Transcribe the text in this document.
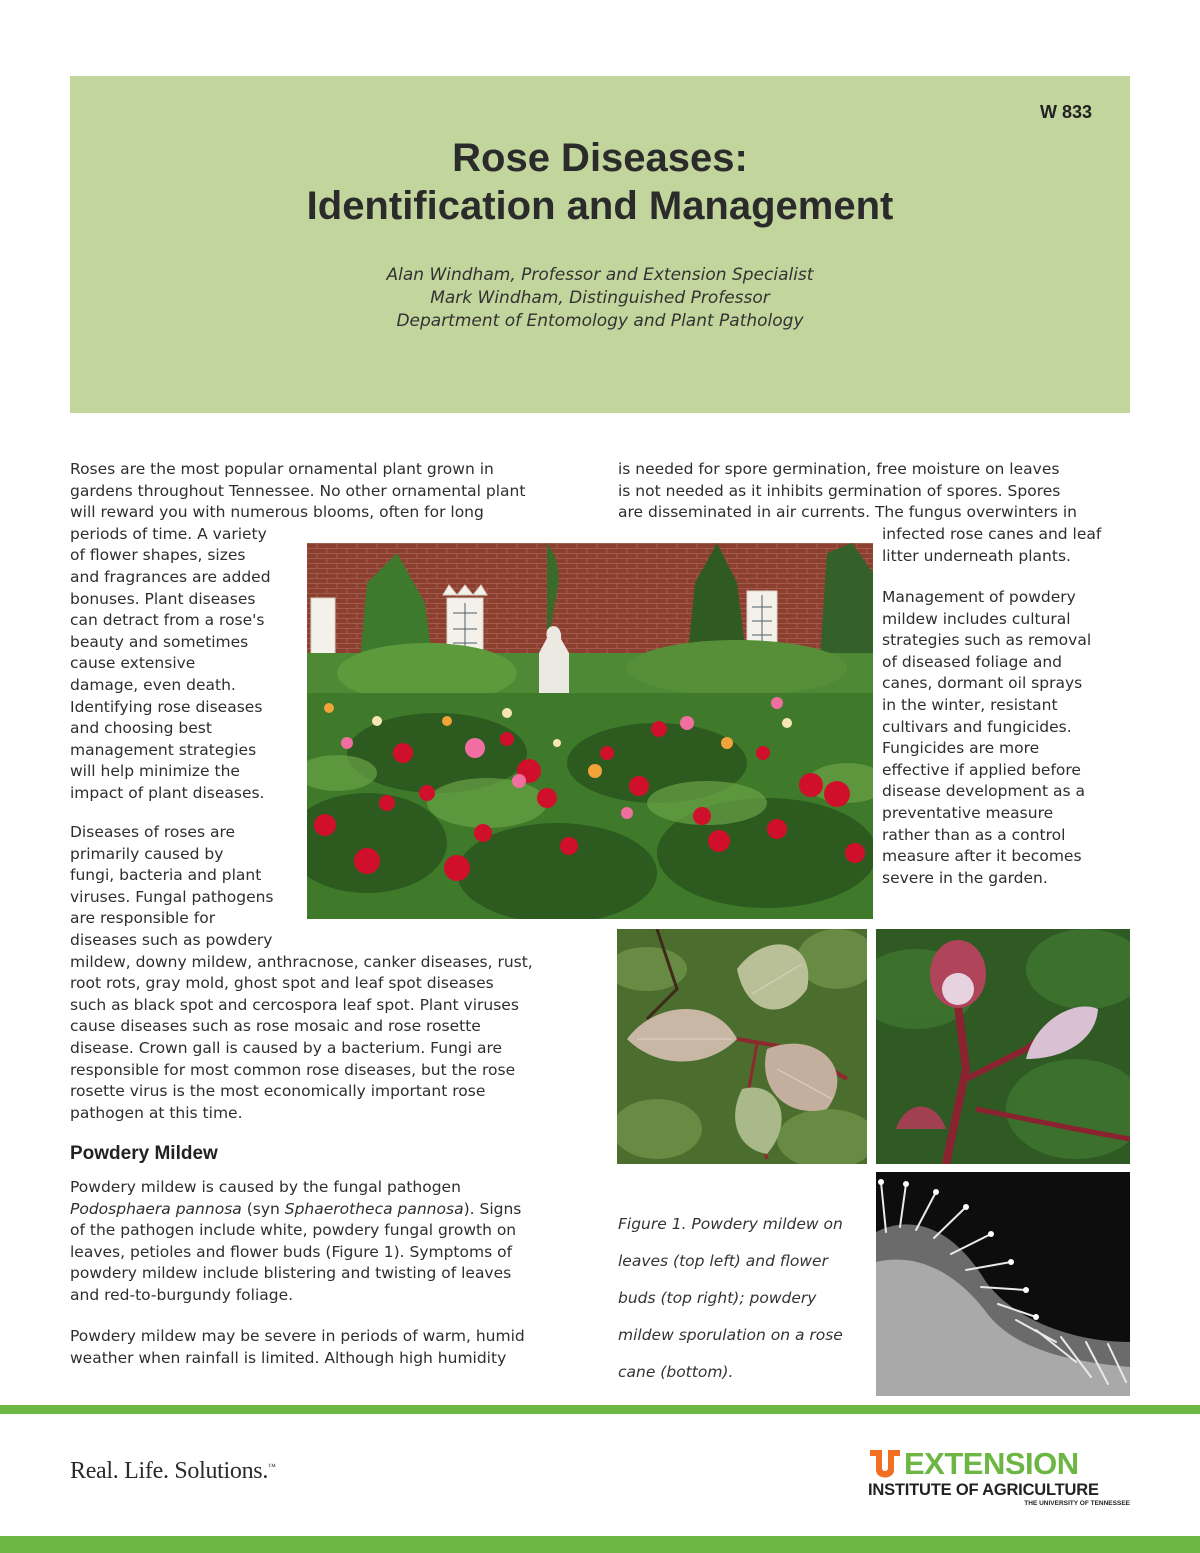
W 833
Rose Diseases:
Identification and Management
Alan Windham, Professor and Extension Specialist
Mark Windham, Distinguished Professor
Department of Entomology and Plant Pathology

Roses are the most popular ornamental plant grown in

gardens throughout Tennessee. No other ornamental plant

will reward you with numerous blooms, often for long

periods of time. A variety

of flower shapes, sizes

and fragrances are added

bonuses. Plant diseases

can detract from a rose's

beauty and sometimes

cause extensive

damage, even death.

Identifying rose diseases

and choosing best

management strategies

will help minimize the

impact of plant diseases.

Diseases of roses are

primarily caused by

fungi, bacteria and plant

viruses. Fungal pathogens

are responsible for

diseases such as powdery

mildew, downy mildew, anthracnose, canker diseases, rust,

root rots, gray mold, ghost spot and leaf spot diseases

such as black spot and cercospora leaf spot. Plant viruses

cause diseases such as rose mosaic and rose rosette

disease. Crown gall is caused by a bacterium. Fungi are

responsible for most common rose diseases, but the rose

rosette virus is the most economically important rose

pathogen at this time.

Powdery Mildew

Powdery mildew is caused by the fungal pathogen

Podosphaera pannosa (syn Sphaerotheca pannosa). Signs

of the pathogen include white, powdery fungal growth on

leaves, petioles and flower buds (Figure 1). Symptoms of

powdery mildew include blistering and twisting of leaves

and red-to-burgundy foliage.

Powdery mildew may be severe in periods of warm, humid

weather when rainfall is limited. Although high humidity

is needed for spore germination, free moisture on leaves

is not needed as it inhibits germination of spores. Spores

are disseminated in air currents. The fungus overwinters in

infected rose canes and leaf

litter underneath plants.

Management of powdery

mildew includes cultural

strategies such as removal

of diseased foliage and

canes, dormant oil sprays

in the winter, resistant

cultivars and fungicides.

Fungicides are more

effective if applied before

disease development as a

preventative measure

rather than as a control

measure after it becomes

severe in the garden.

Figure 1. Powdery mildew on

leaves (top left) and flower

buds (top right); powdery

mildew sporulation on a rose

cane (bottom).

Real. Life. Solutions.™	EXTENSION
INSTITUTE OF AGRICULTURE
THE UNIVERSITY OF TENNESSEE
